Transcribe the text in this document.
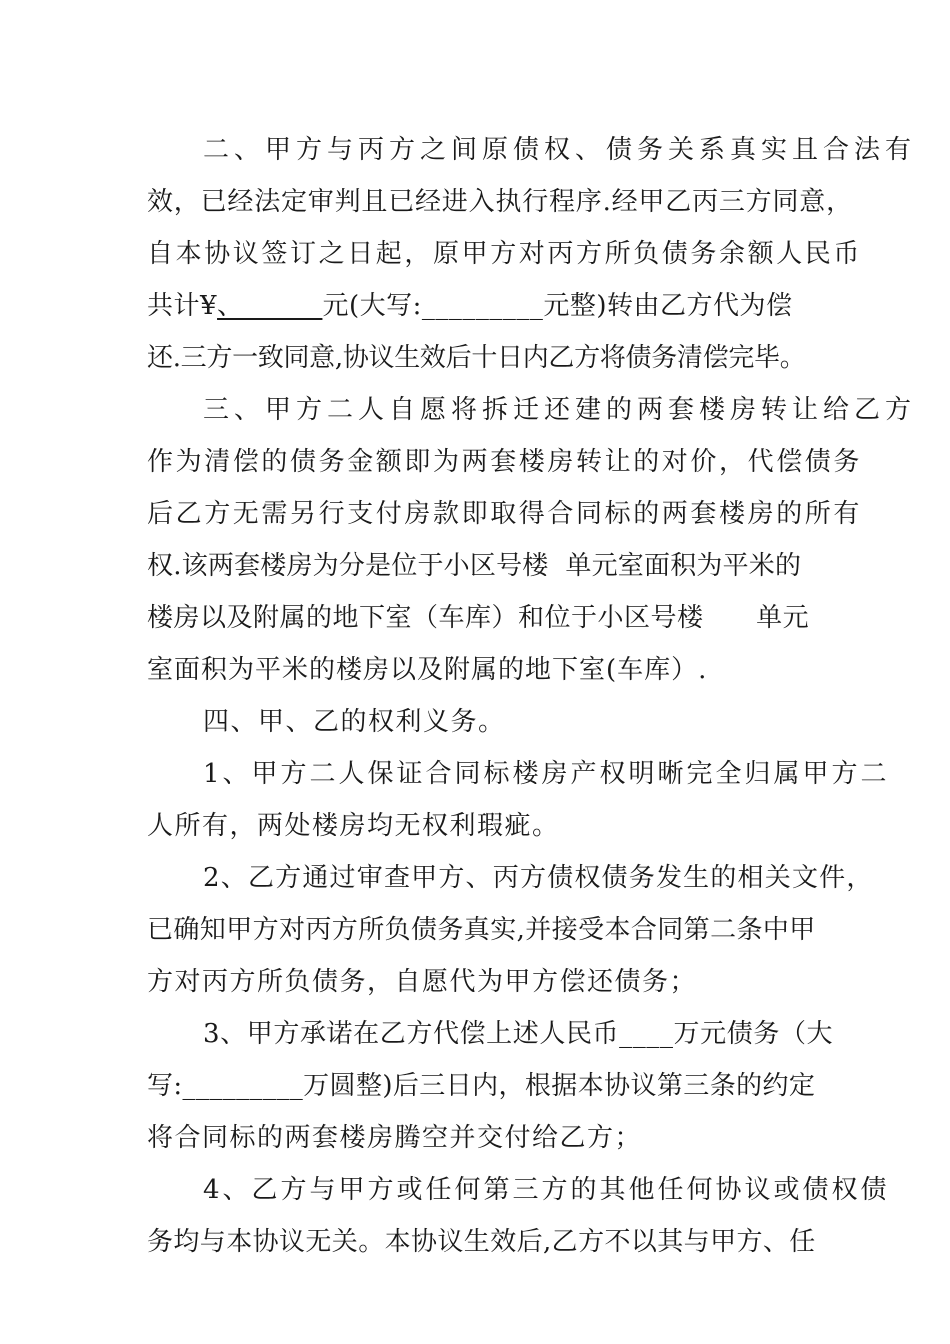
二、甲方与丙方之间原债权、债务关系真实且合法有
效，已经法定审判且已经进入执行程序.经甲乙丙三方同意，
自本协议签订之日起，原甲方对丙方所负债务余额人民币
共计¥、         元(大写:_________元整)转由乙方代为偿
还.三方一致同意,协议生效后十日内乙方将债务清偿完毕。
三、甲方二人自愿将拆迁还建的两套楼房转让给乙方
作为清偿的债务金额即为两套楼房转让的对价，代偿债务
后乙方无需另行支付房款即取得合同标的两套楼房的所有
权.该两套楼房为分是位于小区号楼  单元室面积为平米的
楼房以及附属的地下室（车库）和位于小区号楼      单元
室面积为平米的楼房以及附属的地下室(车库）.
四、甲、乙的权利义务。
1、甲方二人保证合同标楼房产权明晰完全归属甲方二
人所有，两处楼房均无权利瑕疵。
2、乙方通过审查甲方、丙方债权债务发生的相关文件，
已确知甲方对丙方所负债务真实,并接受本合同第二条中甲
方对丙方所负债务，自愿代为甲方偿还债务；
3、甲方承诺在乙方代偿上述人民币____万元债务（大
写:_________万圆整)后三日内，根据本协议第三条的约定
将合同标的两套楼房腾空并交付给乙方；
4、乙方与甲方或任何第三方的其他任何协议或债权债
务均与本协议无关。本协议生效后,乙方不以其与甲方、任
